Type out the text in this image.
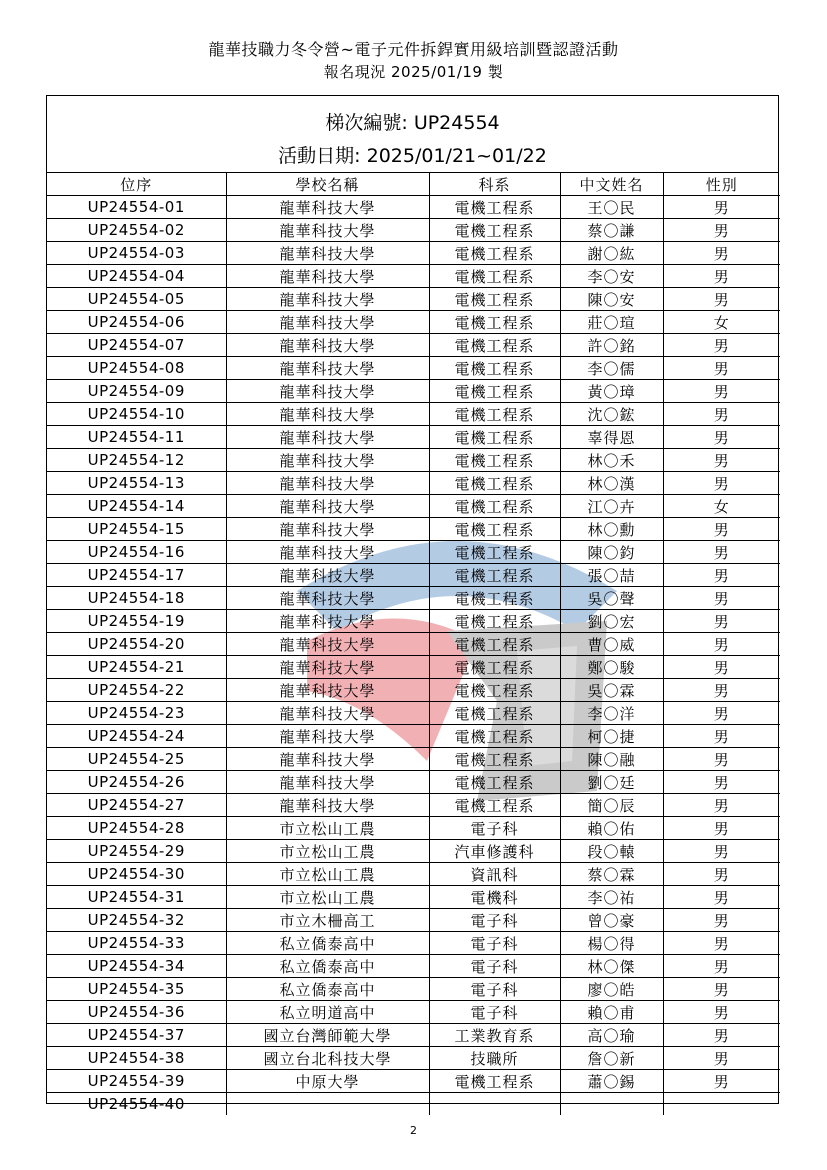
龍華技職力冬令營~電子元件拆銲實用級培訓暨認證活動
報名現況 2025/01/19 製
梯次編號: UP24554
活動日期: 2025/01/21~01/22
位序	學校名稱	科系	中文姓名	性別
UP24554-01	龍華科技大學	電機工程系	王〇民	男
UP24554-02	龍華科技大學	電機工程系	蔡〇謙	男
UP24554-03	龍華科技大學	電機工程系	謝〇紘	男
UP24554-04	龍華科技大學	電機工程系	李〇安	男
UP24554-05	龍華科技大學	電機工程系	陳〇安	男
UP24554-06	龍華科技大學	電機工程系	莊〇瑄	女
UP24554-07	龍華科技大學	電機工程系	許〇銘	男
UP24554-08	龍華科技大學	電機工程系	李〇儒	男
UP24554-09	龍華科技大學	電機工程系	黃〇璋	男
UP24554-10	龍華科技大學	電機工程系	沈〇鋐	男
UP24554-11	龍華科技大學	電機工程系	辜得恩	男
UP24554-12	龍華科技大學	電機工程系	林〇禾	男
UP24554-13	龍華科技大學	電機工程系	林〇漢	男
UP24554-14	龍華科技大學	電機工程系	江〇卉	女
UP24554-15	龍華科技大學	電機工程系	林〇勳	男
UP24554-16	龍華科技大學	電機工程系	陳〇鈞	男
UP24554-17	龍華科技大學	電機工程系	張〇喆	男
UP24554-18	龍華科技大學	電機工程系	吳〇聲	男
UP24554-19	龍華科技大學	電機工程系	劉〇宏	男
UP24554-20	龍華科技大學	電機工程系	曹〇威	男
UP24554-21	龍華科技大學	電機工程系	鄭〇駿	男
UP24554-22	龍華科技大學	電機工程系	吳〇霖	男
UP24554-23	龍華科技大學	電機工程系	李〇洋	男
UP24554-24	龍華科技大學	電機工程系	柯〇捷	男
UP24554-25	龍華科技大學	電機工程系	陳〇融	男
UP24554-26	龍華科技大學	電機工程系	劉〇廷	男
UP24554-27	龍華科技大學	電機工程系	簡〇辰	男
UP24554-28	市立松山工農	電子科	賴〇佑	男
UP24554-29	市立松山工農	汽車修護科	段〇轅	男
UP24554-30	市立松山工農	資訊科	蔡〇霖	男
UP24554-31	市立松山工農	電機科	李〇祐	男
UP24554-32	市立木柵高工	電子科	曾〇豪	男
UP24554-33	私立僑泰高中	電子科	楊〇得	男
UP24554-34	私立僑泰高中	電子科	林〇傑	男
UP24554-35	私立僑泰高中	電子科	廖〇皓	男
UP24554-36	私立明道高中	電子科	賴〇甫	男
UP24554-37	國立台灣師範大學	工業教育系	高〇瑜	男
UP24554-38	國立台北科技大學	技職所	詹〇新	男
UP24554-39	中原大學	電機工程系	蕭〇錫	男
UP24554-40				
2
